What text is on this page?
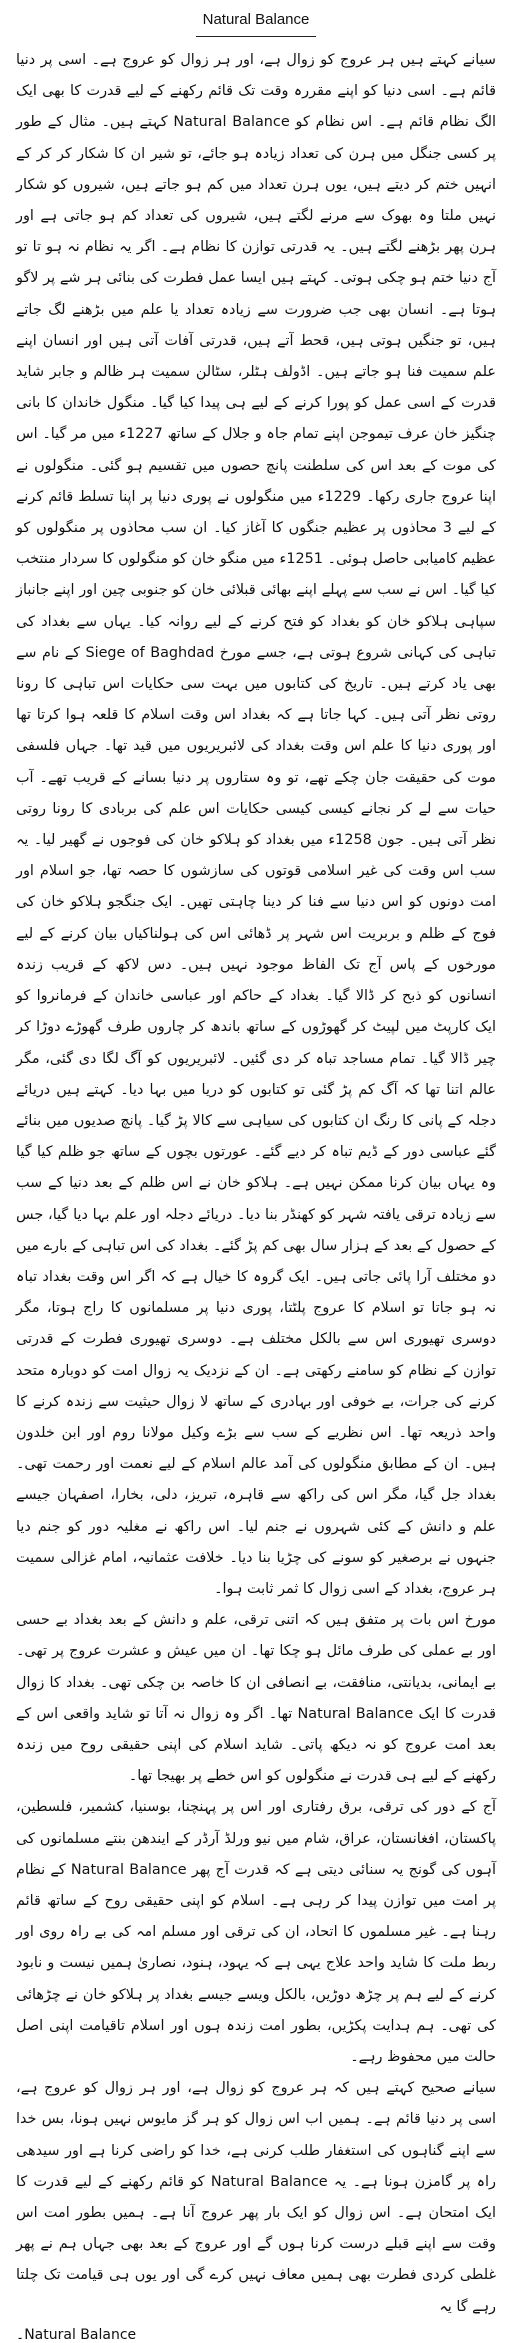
Natural Balance

سیانے کہتے ہیں ہر عروج کو زوال ہے، اور ہر زوال کو عروج ہے۔ اسی پر دنیا قائم ہے۔ اسی دنیا کو اپنے مقررہ وقت تک قائم رکھنے کے لیے قدرت کا بھی ایک الگ نظام قائم ہے۔ اس نظام کو Natural Balance کہتے ہیں۔ مثال کے طور پر کسی جنگل میں ہرن کی تعداد زیادہ ہو جائے، تو شیر ان کا شکار کر کر کے انہیں ختم کر دیتے ہیں، یوں ہرن تعداد میں کم ہو جاتے ہیں، شیروں کو شکار نہیں ملتا وہ بھوک سے مرنے لگتے ہیں، شیروں کی تعداد کم ہو جاتی ہے اور ہرن پھر بڑھنے لگتے ہیں۔ یہ قدرتی توازن کا نظام ہے۔ اگر یہ نظام نہ ہو تا تو آج دنیا ختم ہو چکی ہوتی۔ کہتے ہیں ایسا عمل فطرت کی بنائی ہر شے پر لاگو ہوتا ہے۔ انسان بھی جب ضرورت سے زیادہ تعداد یا علم میں بڑھنے لگ جاتے ہیں، تو جنگیں ہوتی ہیں، قحط آتے ہیں، قدرتی آفات آتی ہیں اور انسان اپنے علم سمیت فنا ہو جاتے ہیں۔ اڈولف ہٹلر، سٹالن سمیت ہر ظالم و جابر شاید قدرت کے اسی عمل کو پورا کرنے کے لیے ہی پیدا کیا گیا۔ منگول خاندان کا بانی چنگیز خان عرف تیموجن اپنے تمام جاہ و جلال کے ساتھ 1227ء میں مر گیا۔ اس کی موت کے بعد اس کی سلطنت پانچ حصوں میں تقسیم ہو گئی۔ منگولوں نے اپنا عروج جاری رکھا۔ 1229ء میں منگولوں نے پوری دنیا پر اپنا تسلط قائم کرنے کے لیے 3 محاذوں پر عظیم جنگوں کا آغاز کیا۔ ان سب محاذوں پر منگولوں کو عظیم کامیابی حاصل ہوئی۔ 1251ء میں منگو خان کو منگولوں کا سردار منتخب کیا گیا۔ اس نے سب سے پہلے اپنے بھائی قبلائی خان کو جنوبی چین اور اپنے جانباز سپاہی ہلاکو خان کو بغداد کو فتح کرنے کے لیے روانہ کیا۔ یہاں سے بغداد کی تباہی کی کہانی شروع ہوتی ہے، جسے مورخ Siege of Baghdad کے نام سے بھی یاد کرتے ہیں۔ تاریخ کی کتابوں میں بہت سی حکایات اس تباہی کا رونا روتی نظر آتی ہیں۔ کہا جاتا ہے کہ بغداد اس وقت اسلام کا قلعہ ہوا کرتا تھا اور پوری دنیا کا علم اس وقت بغداد کی لائبریریوں میں قید تھا۔ جہاں فلسفی موت کی حقیقت جان چکے تھے، تو وہ ستاروں پر دنیا بسانے کے قریب تھے۔ آب حیات سے لے کر نجانے کیسی کیسی حکایات اس علم کی بربادی کا رونا روتی نظر آتی ہیں۔ جون 1258ء میں بغداد کو ہلاکو خان کی فوجوں نے گھیر لیا۔ یہ سب اس وقت کی غیر اسلامی قوتوں کی سازشوں کا حصہ تھا، جو اسلام اور امت دونوں کو اس دنیا سے فنا کر دینا چاہتی تھیں۔ ایک جنگجو ہلاکو خان کی فوج کے ظلم و بربریت اس شہر پر ڈھائی اس کی ہولناکیاں بیان کرنے کے لیے مورخوں کے پاس آج تک الفاظ موجود نہیں ہیں۔ دس لاکھ کے قریب زندہ انسانوں کو ذبح کر ڈالا گیا۔ بغداد کے حاکم اور عباسی خاندان کے فرمانروا کو ایک کارپٹ میں لپیٹ کر گھوڑوں کے ساتھ باندھ کر چاروں طرف گھوڑے دوڑا کر چیر ڈالا گیا۔ تمام مساجد تباہ کر دی گئیں۔ لائبریریوں کو آگ لگا دی گئی، مگر عالم اتنا تھا کہ آگ کم پڑ گئی تو کتابوں کو دریا میں بہا دیا۔ کہتے ہیں دریائے دجلہ کے پانی کا رنگ ان کتابوں کی سیاہی سے کالا پڑ گیا۔ پانچ صدیوں میں بنائے گئے عباسی دور کے ڈیم تباہ کر دیے گئے۔ عورتوں بچوں کے ساتھ جو ظلم کیا گیا وہ یہاں بیان کرنا ممکن نہیں ہے۔ ہلاکو خان نے اس ظلم کے بعد دنیا کے سب سے زیادہ ترقی یافتہ شہر کو کھنڈر بنا دیا۔ دریائے دجلہ اور علم بہا دیا گیا، جس کے حصول کے بعد کے ہزار سال بھی کم پڑ گئے۔ بغداد کی اس تباہی کے بارے میں دو مختلف آرا پائی جاتی ہیں۔ ایک گروہ کا خیال ہے کہ اگر اس وقت بغداد تباہ نہ ہو جاتا تو اسلام کا عروج پلٹتا، پوری دنیا پر مسلمانوں کا راج ہوتا، مگر دوسری تھیوری اس سے بالکل مختلف ہے۔ دوسری تھیوری فطرت کے قدرتی توازن کے نظام کو سامنے رکھتی ہے۔ ان کے نزدیک یہ زوال امت کو دوبارہ متحد کرنے کی جرات، بے خوفی اور بہادری کے ساتھ لا زوال حیثیت سے زندہ کرنے کا واحد ذریعہ تھا۔ اس نظریے کے سب سے بڑے وکیل مولانا روم اور ابن خلدون ہیں۔ ان کے مطابق منگولوں کی آمد عالم اسلام کے لیے نعمت اور رحمت تھی۔ بغداد جل گیا، مگر اس کی راکھ سے قاہرہ، تبریز، دلی، بخارا، اصفہان جیسے علم و دانش کے کئی شہروں نے جنم لیا۔ اس راکھ نے مغلیہ دور کو جنم دیا جنہوں نے برصغیر کو سونے کی چڑیا بنا دیا۔ خلافت عثمانیہ، امام غزالی سمیت ہر عروج، بغداد کے اسی زوال کا ثمر ثابت ہوا۔

مورخ اس بات پر متفق ہیں کہ اتنی ترقی، علم و دانش کے بعد بغداد بے حسی اور بے عملی کی طرف مائل ہو چکا تھا۔ ان میں عیش و عشرت عروج پر تھی۔ بے ایمانی، بدیانتی، منافقت، بے انصافی ان کا خاصہ بن چکی تھی۔ بغداد کا زوال قدرت کا ایک Natural Balance تھا۔ اگر وہ زوال نہ آتا تو شاید واقعی اس کے بعد امت عروج کو نہ دیکھ پاتی۔ شاید اسلام کی اپنی حقیقی روح میں زندہ رکھنے کے لیے ہی قدرت نے منگولوں کو اس خطے پر بھیجا تھا۔

آج کے دور کی ترقی، برق رفتاری اور اس پر پہنچنا، بوسنیا، کشمیر، فلسطین، پاکستان، افغانستان، عراق، شام میں نیو ورلڈ آرڈر کے ایندھن بنتے مسلمانوں کی آہوں کی گونج یہ سنائی دیتی ہے کہ قدرت آج پھر Natural Balance کے نظام پر امت میں توازن پیدا کر رہی ہے۔ اسلام کو اپنی حقیقی روح کے ساتھ قائم رہنا ہے۔ غیر مسلموں کا اتحاد، ان کی ترقی اور مسلم امہ کی بے راہ روی اور ربط ملت کا شاید واحد علاج یہی ہے کہ یہود، ہنود، نصاریٰ ہمیں نیست و نابود کرنے کے لیے ہم پر چڑھ دوڑیں، بالکل ویسے جیسے بغداد پر ہلاکو خان نے چڑھائی کی تھی۔ ہم ہدایت پکڑیں، بطور امت زندہ ہوں اور اسلام تاقیامت اپنی اصل حالت میں محفوظ رہے۔

سیانے صحیح کہتے ہیں کہ ہر عروج کو زوال ہے، اور ہر زوال کو عروج ہے، اسی پر دنیا قائم ہے۔ ہمیں اب اس زوال کو ہر گز مایوس نہیں ہونا، بس خدا سے اپنے گناہوں کی استغفار طلب کرنی ہے، خدا کو راضی کرنا ہے اور سیدھی راہ پر گامزن ہونا ہے۔ یہ Natural Balance کو قائم رکھنے کے لیے قدرت کا ایک امتحان ہے۔ اس زوال کو ایک بار پھر عروج آنا ہے۔ ہمیں بطور امت اس وقت سے اپنے قبلے درست کرنا ہوں گے اور عروج کے بعد بھی جہاں ہم نے پھر غلطی کردی فطرت بھی ہمیں معاف نہیں کرے گی اور یوں ہی قیامت تک چلتا رہے گا یہ

Natural Balance۔
